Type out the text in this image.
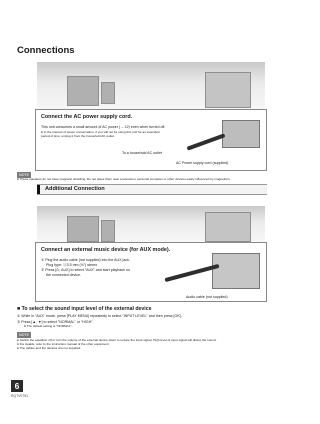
Connections
Connect the AC power supply cord.
This unit consumes a small amount of AC power (→ 12) even when turned off.
● In the interest of power conservation, if you will not be using this unit for an extended period of time, unplug it from the household AC outlet.
To a household AC outlet
AC Power supply cord (supplied)
NOTE
● These speakers do not have magnetic shielding. Do not place them near a television, personal computer or other devices easily influenced by magnetism.
Additional Connection
Connect an external music device (for AUX mode).
① Plug the audio cable (not supplied) into the AUX jack.
Plug type: ⓐ3.5 mm (⅛") stereo
② Press [⏻, AUX] to select "AUX" and start playback on
the connected device.
Audio cable (not supplied)
■ To select the sound input level of the external device
① While in "AUX" mode, press [PLAY MENU] repeatedly to select "INPUT LEVEL" and then press [OK].
② Press [▲, ▼] to select "NORMAL" or "HIGH".
● The default setting is "NORMAL".
NOTE
● Switch the equalizer off or turn the volume of the external device down to reduce the input signal. High level of input signal will distort the sound.
● For details, refer to the instruction manual of the other equipment.
● The cables and the devices are not supplied.
6
RQTV0791
